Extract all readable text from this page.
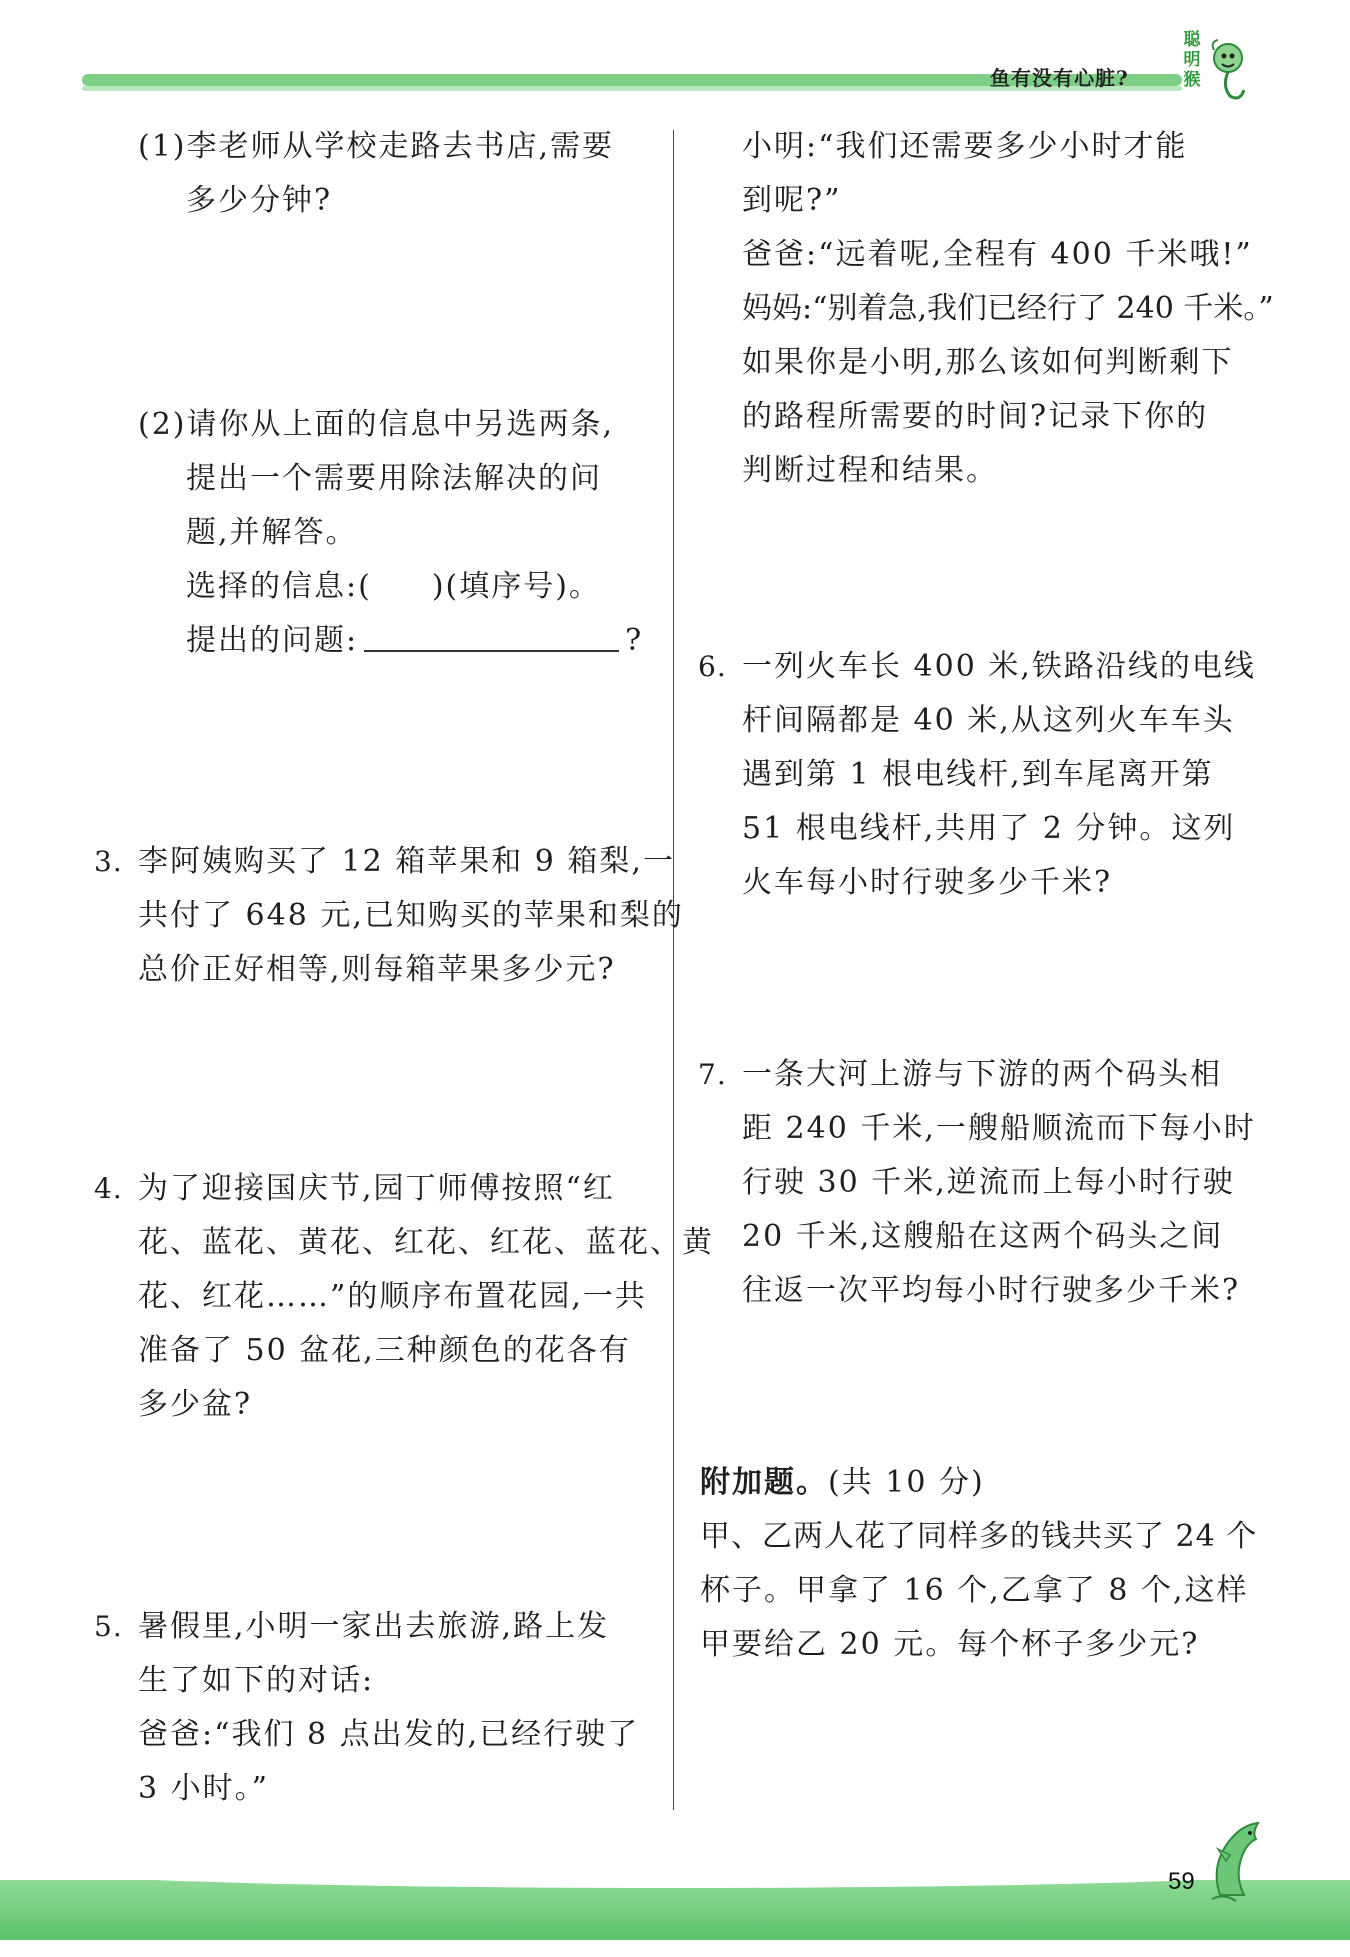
鱼有没有心脏?
聪明猴
(1)李老师从学校走路去书店,需要
多少分钟?
(2)请你从上面的信息中另选两条,
提出一个需要用除法解决的问
题,并解答。
选择的信息:( )(填序号)。
提出的问题:	?
3. 李阿姨购买了 12 箱苹果和 9 箱梨,一
共付了 648 元,已知购买的苹果和梨的
总价正好相等,则每箱苹果多少元?
4. 为了迎接国庆节,园丁师傅按照“红
花、蓝花、黄花、红花、红花、蓝花、黄
花、红花……”的顺序布置花园,一共
准备了 50 盆花,三种颜色的花各有
多少盆?
5. 暑假里,小明一家出去旅游,路上发
生了如下的对话:
爸爸:“我们 8 点出发的,已经行驶了
3 小时。”
小明:“我们还需要多少小时才能
到呢?”
爸爸:“远着呢,全程有 400 千米哦!”
妈妈:“别着急,我们已经行了 240 千米。”
如果你是小明,那么该如何判断剩下
的路程所需要的时间?记录下你的
判断过程和结果。
6. 一列火车长 400 米,铁路沿线的电线
杆间隔都是 40 米,从这列火车车头
遇到第 1 根电线杆,到车尾离开第
51 根电线杆,共用了 2 分钟。这列
火车每小时行驶多少千米?
7. 一条大河上游与下游的两个码头相
距 240 千米,一艘船顺流而下每小时
行驶 30 千米,逆流而上每小时行驶
20 千米,这艘船在这两个码头之间
往返一次平均每小时行驶多少千米?
附加题。(共 10 分)
甲、乙两人花了同样多的钱共买了 24 个
杯子。甲拿了 16 个,乙拿了 8 个,这样
甲要给乙 20 元。每个杯子多少元?
59
